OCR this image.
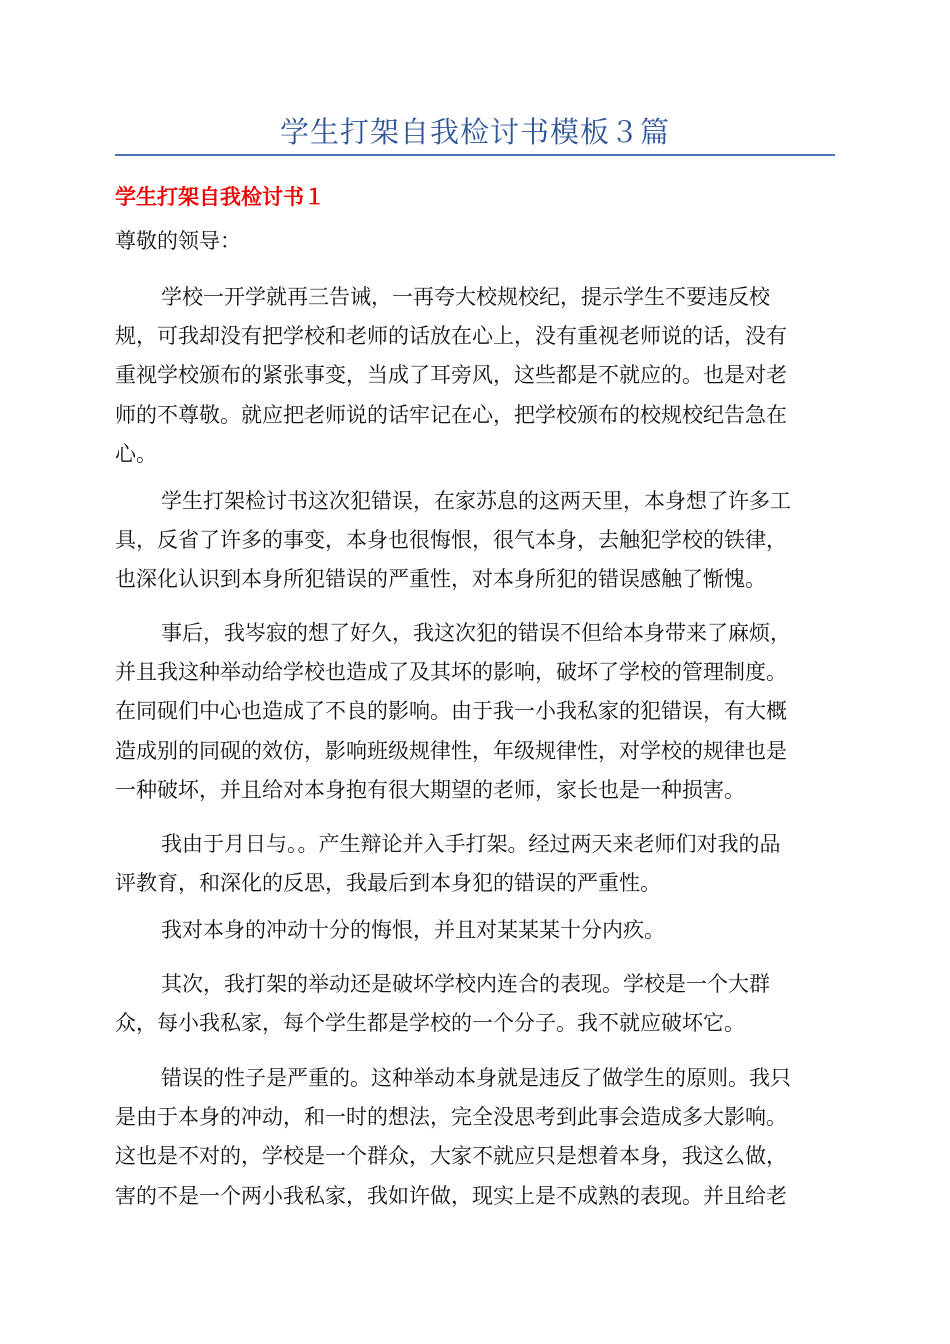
学生打架自我检讨书模板３篇
学生打架自我检讨书１
尊敬的领导：
学校一开学就再三告诫，一再夸大校规校纪，提示学生不要违反校
规，可我却没有把学校和老师的话放在心上，没有重视老师说的话，没有
重视学校颁布的紧张事变，当成了耳旁风，这些都是不就应的。也是对老
师的不尊敬。就应把老师说的话牢记在心，把学校颁布的校规校纪告急在
心。
学生打架检讨书这次犯错误，在家苏息的这两天里，本身想了许多工
具，反省了许多的事变，本身也很悔恨，很气本身，去触犯学校的铁律，
也深化认识到本身所犯错误的严重性，对本身所犯的错误感触了惭愧。
事后，我岑寂的想了好久，我这次犯的错误不但给本身带来了麻烦，
并且我这种举动给学校也造成了及其坏的影响，破坏了学校的管理制度。
在同砚们中心也造成了不良的影响。由于我一小我私家的犯错误，有大概
造成别的同砚的效仿，影响班级规律性，年级规律性，对学校的规律也是
一种破坏，并且给对本身抱有很大期望的老师，家长也是一种损害。
我由于月日与。。产生辩论并入手打架。经过两天来老师们对我的品
评教育，和深化的反思，我最后到本身犯的错误的严重性。
我对本身的冲动十分的悔恨，并且对某某某十分内疚。
其次，我打架的举动还是破坏学校内连合的表现。学校是一个大群
众，每小我私家，每个学生都是学校的一个分子。我不就应破坏它。
错误的性子是严重的。这种举动本身就是违反了做学生的原则。我只
是由于本身的冲动，和一时的想法，完全没思考到此事会造成多大影响。
这也是不对的，学校是一个群众，大家不就应只是想着本身，我这么做，
害的不是一个两小我私家，我如许做，现实上是不成熟的表现。并且给老
